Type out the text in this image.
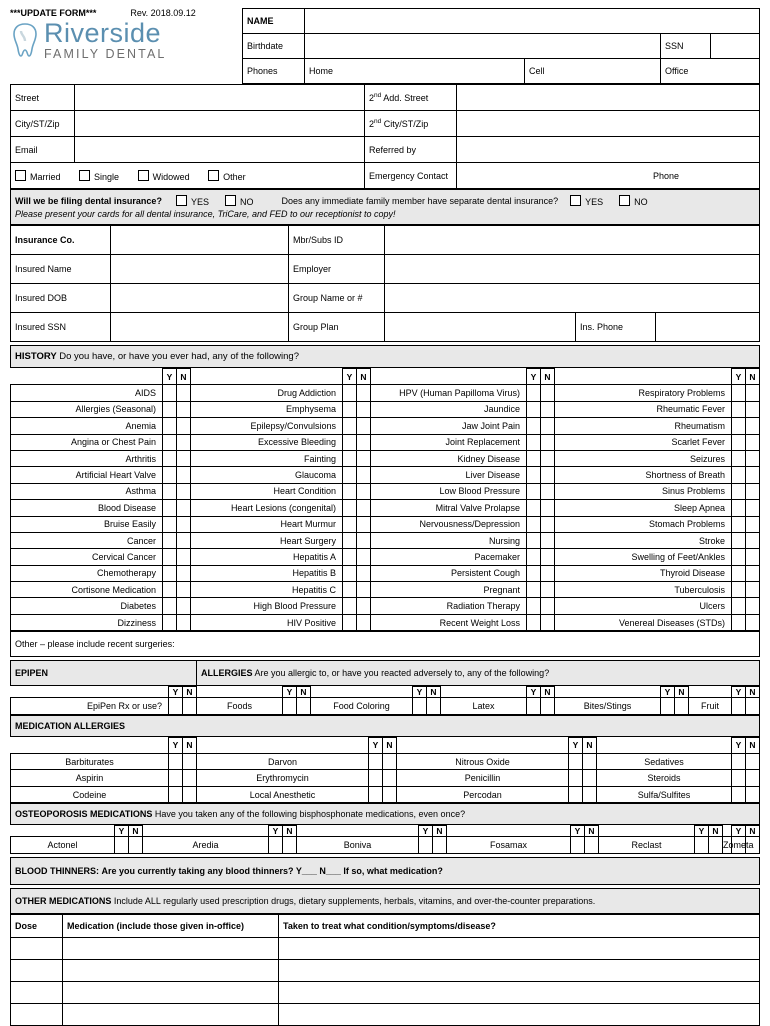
***UPDATE FORM***	Rev. 2018.09.12
Riverside
FAMILY DENTAL
NAME				
Birthdate			SSN	
Phones	Home	Cell	Office	
Street		2nd Add. Street	
City/ST/Zip		2nd City/ST/Zip	
Email		Referred by	
Married Single Widowed Other		Emergency Contact	Phone
Will we be filing dental insurance?	YES	NO	Does any immediate family member have separate dental insurance?	YES	NO
Please present your cards for all dental insurance, TriCare, and FED to our receptionist to copy!
Insurance Co.		Mbr/Subs ID			
Insured Name		Employer			
Insured DOB		Group Name or #			
Insured SSN		Group Plan		Ins. Phone	
HISTORY Do you have, or have you ever had, any of the following?
	Y	N		Y	N		Y	N		Y	N
AIDS			Drug Addiction			HPV (Human Papilloma Virus)			Respiratory Problems		
Allergies (Seasonal)			Emphysema			Jaundice			Rheumatic Fever		
Anemia			Epilepsy/Convulsions			Jaw Joint Pain			Rheumatism		
Angina or Chest Pain			Excessive Bleeding			Joint Replacement			Scarlet Fever		
Arthritis			Fainting			Kidney Disease			Seizures		
Artificial Heart Valve			Glaucoma			Liver Disease			Shortness of Breath		
Asthma			Heart Condition			Low Blood Pressure			Sinus Problems		
Blood Disease			Heart Lesions (congenital)			Mitral Valve Prolapse			Sleep Apnea		
Bruise Easily			Heart Murmur			Nervousness/Depression			Stomach Problems		
Cancer			Heart Surgery			Nursing			Stroke		
Cervical Cancer			Hepatitis A			Pacemaker			Swelling of Feet/Ankles		
Chemotherapy			Hepatitis B			Persistent Cough			Thyroid Disease		
Cortisone Medication			Hepatitis C			Pregnant			Tuberculosis		
Diabetes			High Blood Pressure			Radiation Therapy			Ulcers		
Dizziness			HIV Positive			Recent Weight Loss			Venereal Diseases (STDs)		
Other – please include recent surgeries:
EPIPEN	ALLERGIES Are you allergic to, or have you reacted adversely to, any of the following?
	Y	N		Y	N		Y	N		Y	N		Y	N		Y	N
EpiPen Rx or use?			Foods			Food Coloring			Latex			Bites/Stings			Fruit		
MEDICATION ALLERGIES
	Y	N		Y	N		Y	N		Y	N
Barbiturates			Darvon			Nitrous Oxide			Sedatives		
Aspirin			Erythromycin			Penicillin			Steroids		
Codeine			Local Anesthetic			Percodan			Sulfa/Sulfites		
OSTEOPOROSIS MEDICATIONS Have you taken any of the following bisphosphonate medications, even once?
	Y	N		Y	N		Y	N		Y	N		Y	N		Y	N
Actonel			Aredia			Boniva			Fosamax			Reclast			Zometa		
BLOOD THINNERS: Are you currently taking any blood thinners? Y___ N___ If so, what medication?
OTHER MEDICATIONS Include ALL regularly used prescription drugs, dietary supplements, herbals, vitamins, and over-the-counter preparations.
Dose	Medication (include those given in-office)	Taken to treat what condition/symptoms/disease?
